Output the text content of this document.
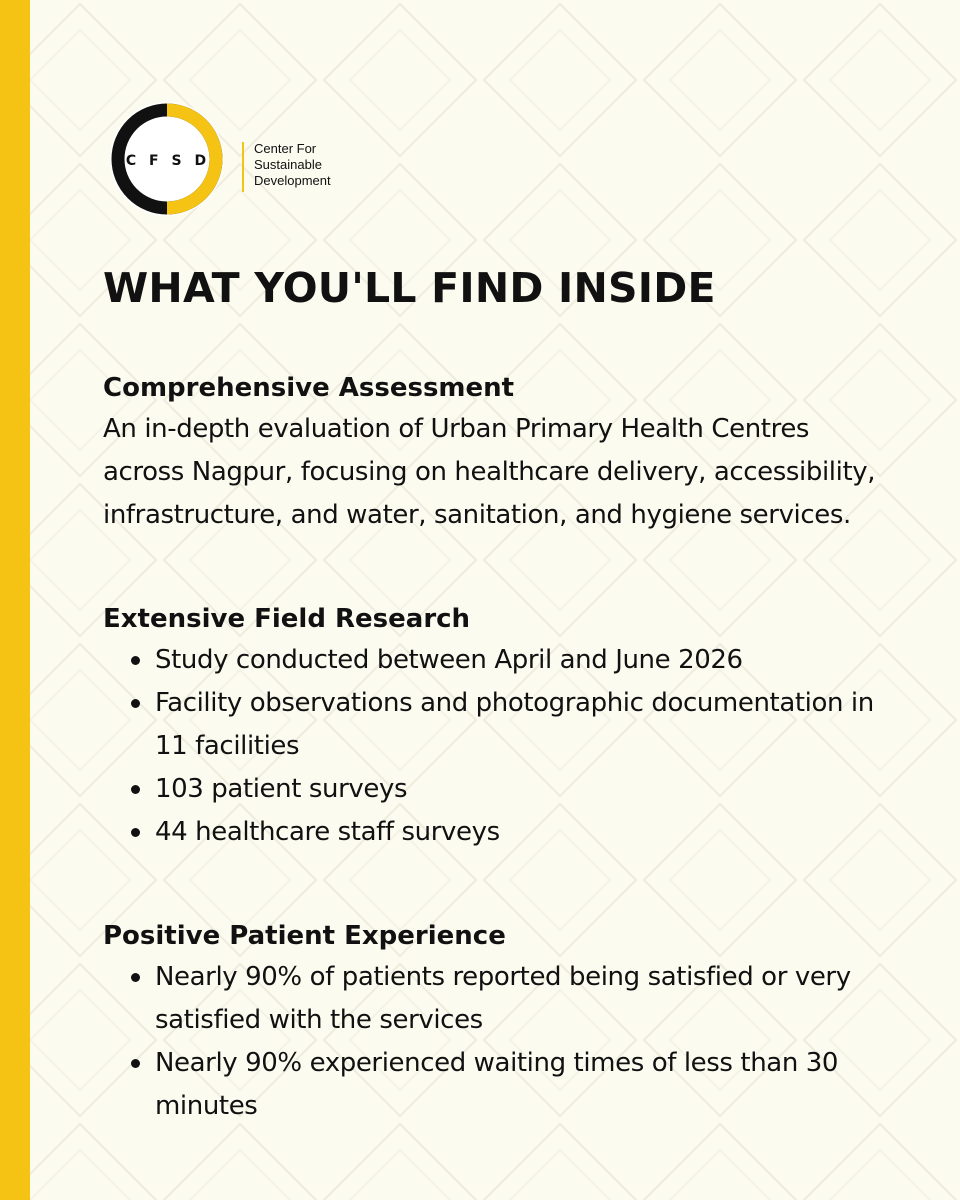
C F S D
Center For
Sustainable
Development
WHAT YOU'LL FIND INSIDE
Comprehensive Assessment

An in-depth evaluation of Urban Primary Health Centres across Nagpur, focusing on healthcare delivery, accessibility, infrastructure, and water, sanitation, and hygiene services.

Extensive Field Research
Study conducted between April and June 2026
Facility observations and photographic documentation in 11 facilities
103 patient surveys
44 healthcare staff surveys
Positive Patient Experience
Nearly 90% of patients reported being satisfied or very satisfied with the services
Nearly 90% experienced waiting times of less than 30 minutes
